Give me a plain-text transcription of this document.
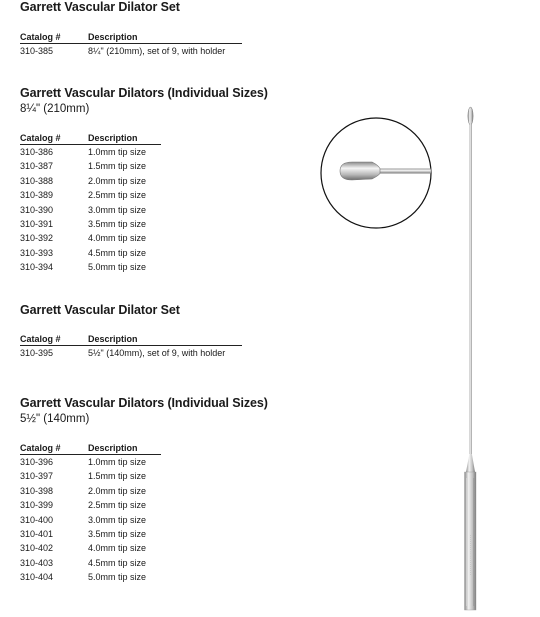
Garrett Vascular Dilator Set
Catalog #	Description
310-385	8¼" (210mm), set of 9, with holder
Garrett Vascular Dilators (Individual Sizes)
8¼" (210mm)
Catalog #	Description
310-386	1.0mm tip size
310-387	1.5mm tip size
310-388	2.0mm tip size
310-389	2.5mm tip size
310-390	3.0mm tip size
310-391	3.5mm tip size
310-392	4.0mm tip size
310-393	4.5mm tip size
310-394	5.0mm tip size
Garrett Vascular Dilator Set
Catalog #	Description
310-395	5½" (140mm), set of 9, with holder
Garrett Vascular Dilators (Individual Sizes)
5½" (140mm)
Catalog #	Description
310-396	1.0mm tip size
310-397	1.5mm tip size
310-398	2.0mm tip size
310-399	2.5mm tip size
310-400	3.0mm tip size
310-401	3.5mm tip size
310-402	4.0mm tip size
310-403	4.5mm tip size
310-404	5.0mm tip size
· · · · · · · · · · · · · · · · · · · ·
